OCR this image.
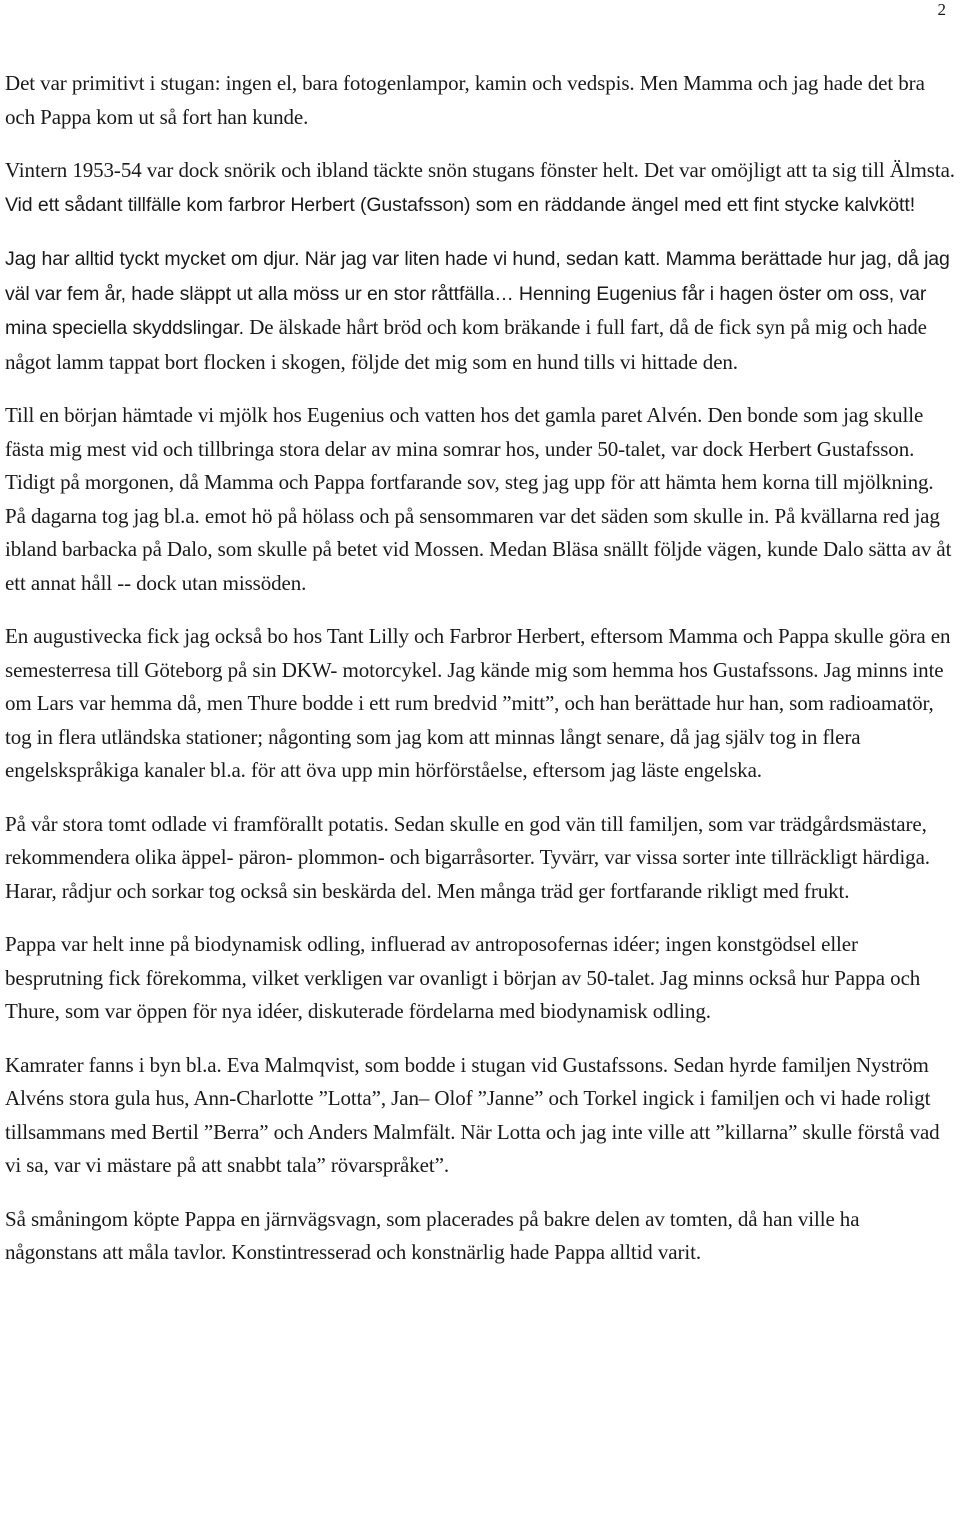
2

Det var primitivt i stugan: ingen el, bara fotogenlampor, kamin och vedspis. Men Mamma och jag hade det bra och Pappa kom ut så fort han kunde.

Vintern 1953-54 var dock snörik och ibland täckte snön stugans fönster helt. Det var omöjligt att ta sig till Älmsta. Vid ett sådant tillfälle kom farbror Herbert (Gustafsson) som en räddande ängel med ett fint stycke kalvkött!

Jag har alltid tyckt mycket om djur. När jag var liten hade vi hund, sedan katt. Mamma berättade hur jag, då jag väl var fem år, hade släppt ut alla möss ur en stor råttfälla… Henning Eugenius får i hagen öster om oss, var mina speciella skyddslingar. De älskade hårt bröd och kom bräkande i full fart, då de fick syn på mig och hade något lamm tappat bort flocken i skogen, följde det mig som en hund tills vi hittade den.

Till en början hämtade vi mjölk hos Eugenius och vatten hos det gamla paret Alvén. Den bonde som jag skulle fästa mig mest vid och tillbringa stora delar av mina somrar hos, under 50-talet, var dock Herbert Gustafsson. Tidigt på morgonen, då Mamma och Pappa fortfarande sov, steg jag upp för att hämta hem korna till mjölkning. På dagarna tog jag bl.a. emot hö på hölass och på sensommaren var det säden som skulle in. På kvällarna red jag ibland barbacka på Dalo, som skulle på betet vid Mossen. Medan Bläsa snällt följde vägen, kunde Dalo sätta av åt ett annat håll -- dock utan missöden.

En augustivecka fick jag också bo hos Tant Lilly och Farbror Herbert, eftersom Mamma och Pappa skulle göra en semesterresa till Göteborg på sin DKW- motorcykel. Jag kände mig som hemma hos Gustafssons. Jag minns inte om Lars var hemma då, men Thure bodde i ett rum bredvid ”mitt”, och han berättade hur han, som radioamatör, tog in flera utländska stationer; någonting som jag kom att minnas långt senare, då jag själv tog in flera engelskspråkiga kanaler bl.a. för att öva upp min hörförståelse, eftersom jag läste engelska.

På vår stora tomt odlade vi framförallt potatis. Sedan skulle en god vän till familjen, som var trädgårdsmästare, rekommendera olika äppel- päron- plommon- och bigarråsorter. Tyvärr, var vissa sorter inte tillräckligt härdiga. Harar, rådjur och sorkar tog också sin beskärda del. Men många träd ger fortfarande rikligt med frukt.

Pappa var helt inne på biodynamisk odling, influerad av antroposofernas idéer; ingen konstgödsel eller besprutning fick förekomma, vilket verkligen var ovanligt i början av 50-talet. Jag minns också hur Pappa och Thure, som var öppen för nya idéer, diskuterade fördelarna med biodynamisk odling.

Kamrater fanns i byn bl.a. Eva Malmqvist, som bodde i stugan vid Gustafssons. Sedan hyrde familjen Nyström Alvéns stora gula hus, Ann-Charlotte ”Lotta”, Jan– Olof ”Janne” och Torkel ingick i familjen och vi hade roligt tillsammans med Bertil ”Berra” och Anders Malmfält. När Lotta och jag inte ville att ”killarna” skulle förstå vad vi sa, var vi mästare på att snabbt tala” rövarspråket”.

Så småningom köpte Pappa en järnvägsvagn, som placerades på bakre delen av tomten, då han ville ha någonstans att måla tavlor. Konstintresserad och konstnärlig hade Pappa alltid varit.
